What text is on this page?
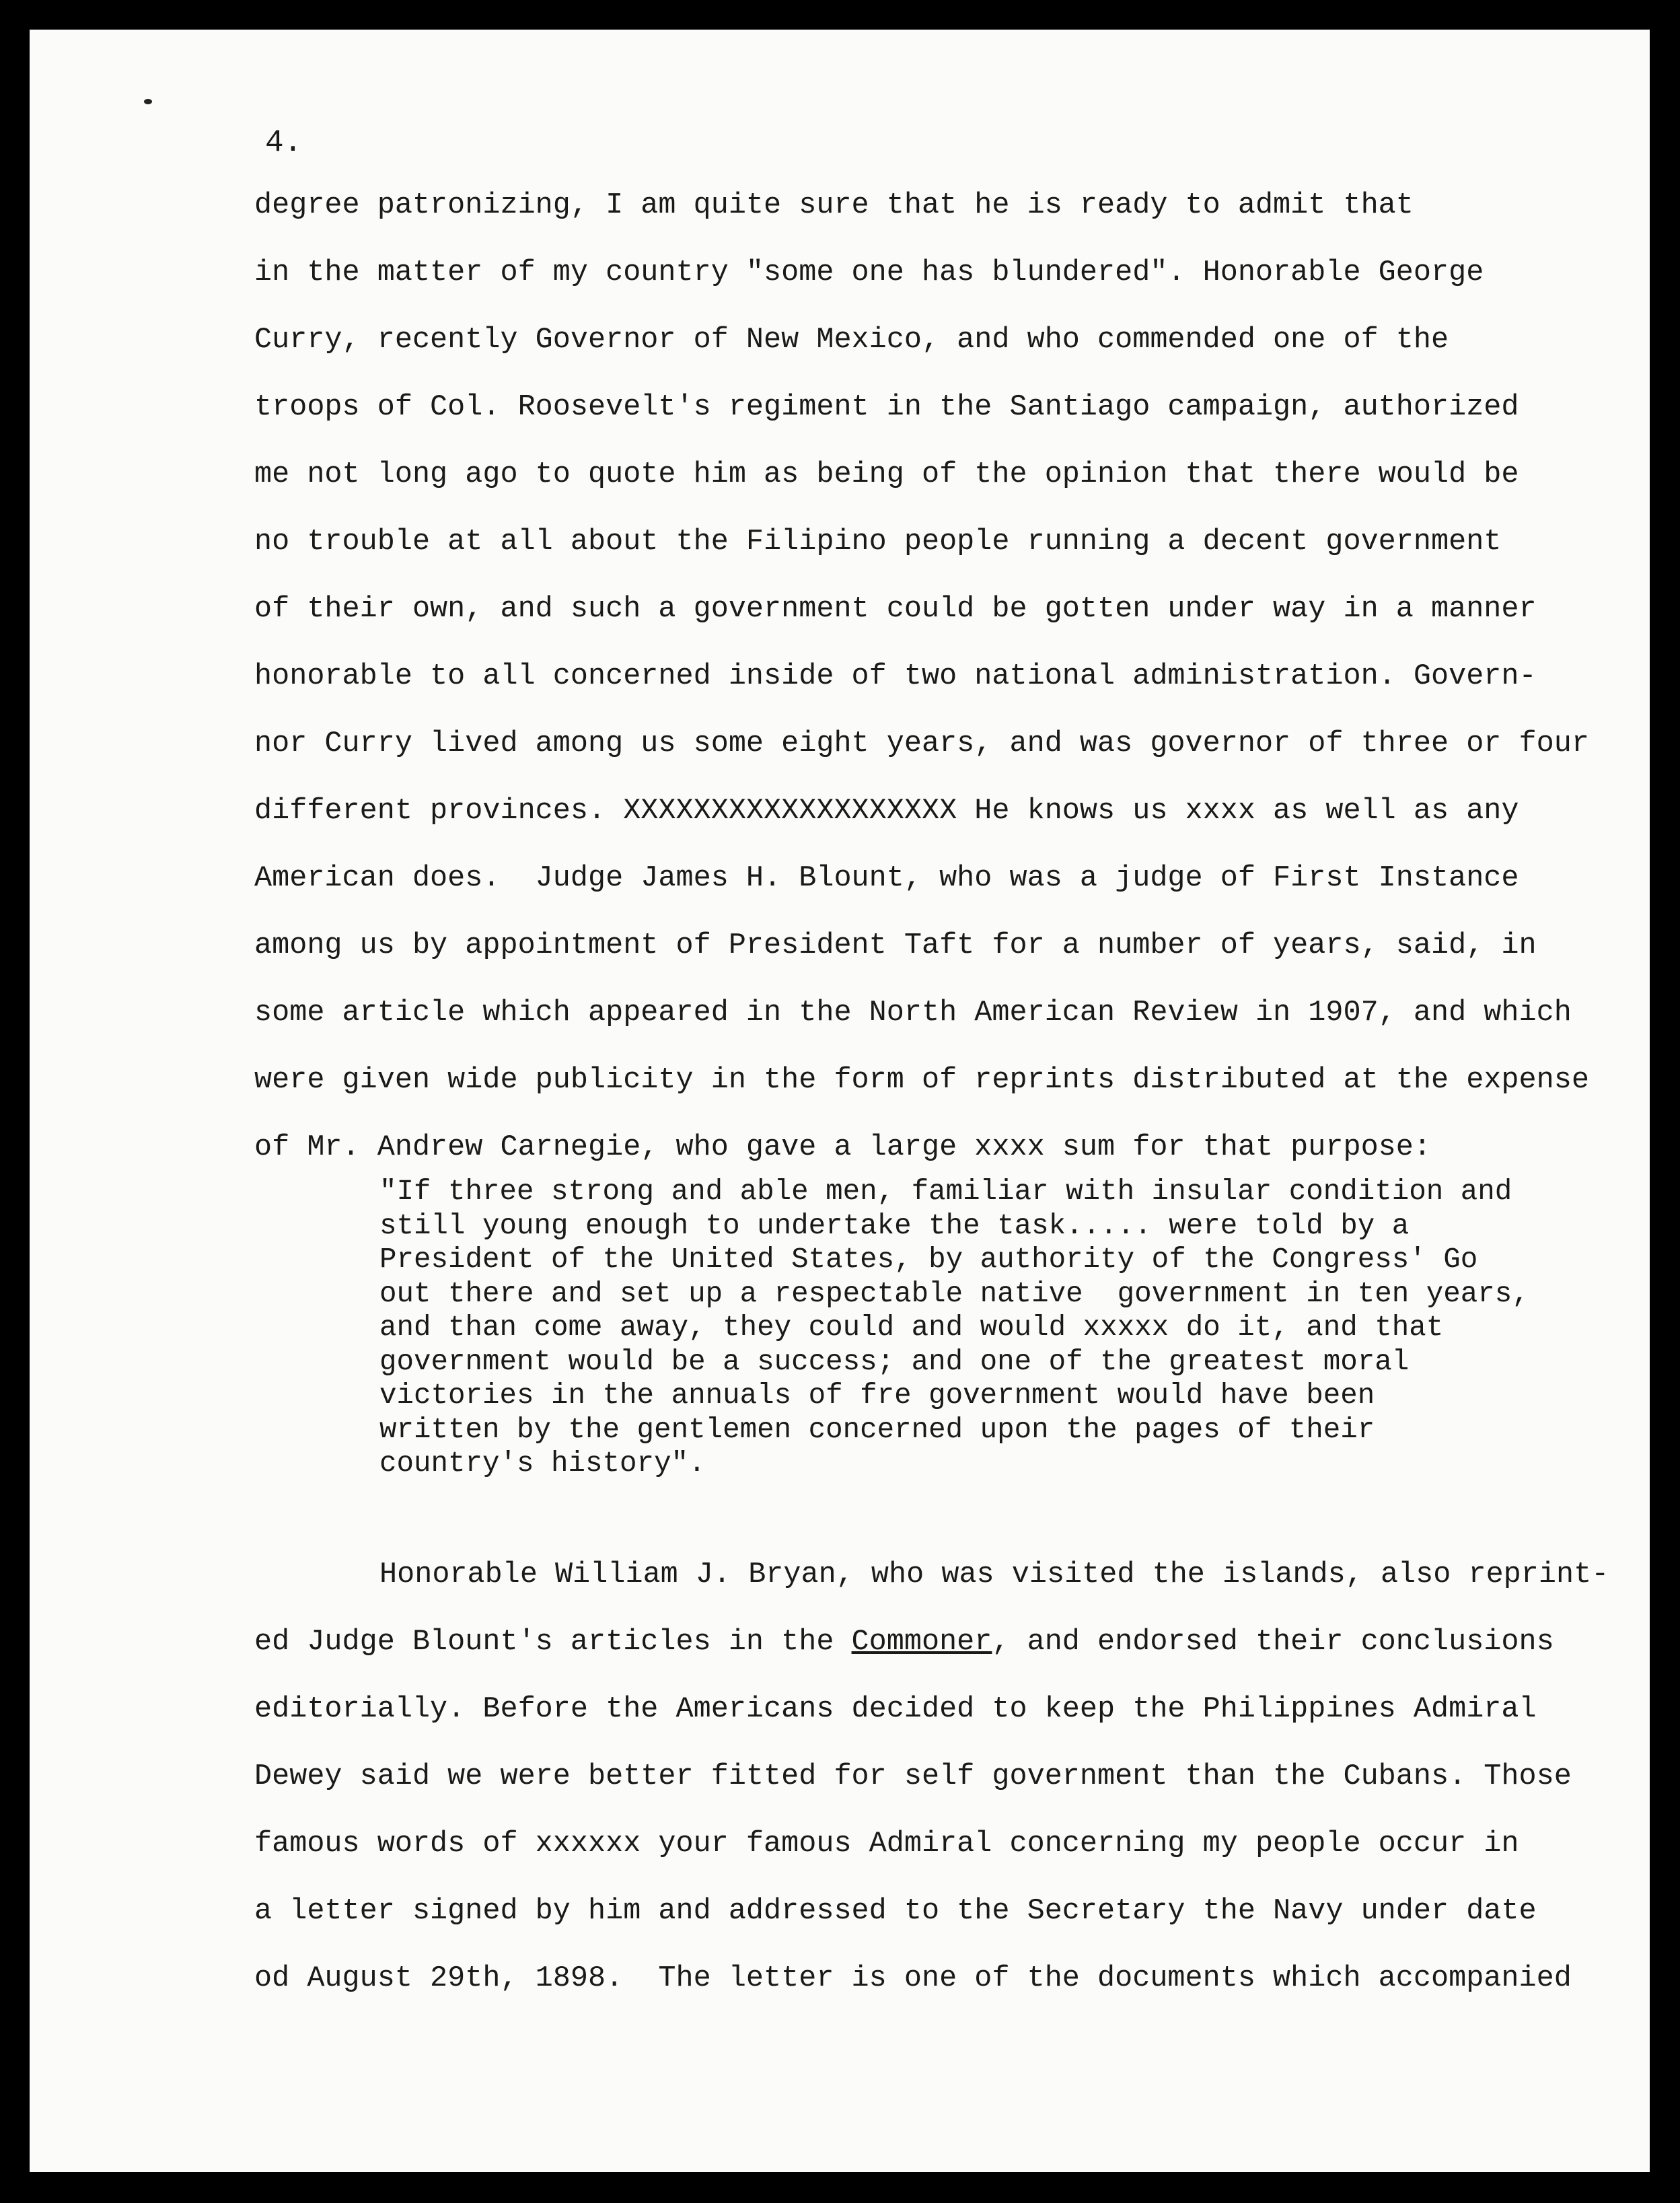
4.
degree patronizing, I am quite sure that he is ready to admit that
in the matter of my country "some one has blundered". Honorable George
Curry, recently Governor of New Mexico, and who commended one of the
troops of Col. Roosevelt's regiment in the Santiago campaign, authorized
me not long ago to quote him as being of the opinion that there would be
no trouble at all about the Filipino people running a decent government
of their own, and such a government could be gotten under way in a manner
honorable to all concerned inside of two national administration. Govern-
nor Curry lived among us some eight years, and was governor of three or four
different provinces. XXXXXXXXXXXXXXXXXXX He knows us xxxx as well as any
American does.  Judge James H. Blount, who was a judge of First Instance
among us by appointment of President Taft for a number of years, said, in
some article which appeared in the North American Review in 1907, and which
were given wide publicity in the form of reprints distributed at the expense
of Mr. Andrew Carnegie, who gave a large xxxx sum for that purpose:
"If three strong and able men, familiar with insular condition and
still young enough to undertake the task..... were told by a
President of the United States, by authority of the Congress' Go
out there and set up a respectable native  government in ten years,
and than come away, they could and would xxxxx do it, and that
government would be a success; and one of the greatest moral
victories in the annuals of fre government would have been
written by the gentlemen concerned upon the pages of their
country's history".
Honorable William J. Bryan, who was visited the islands, also reprint-
ed Judge Blount's articles in the Commoner, and endorsed their conclusions
editorially. Before the Americans decided to keep the Philippines Admiral
Dewey said we were better fitted for self government than the Cubans. Those
famous words of xxxxxx your famous Admiral concerning my people occur in
a letter signed by him and addressed to the Secretary the Navy under date
od August 29th, 1898.  The letter is one of the documents which accompanied
